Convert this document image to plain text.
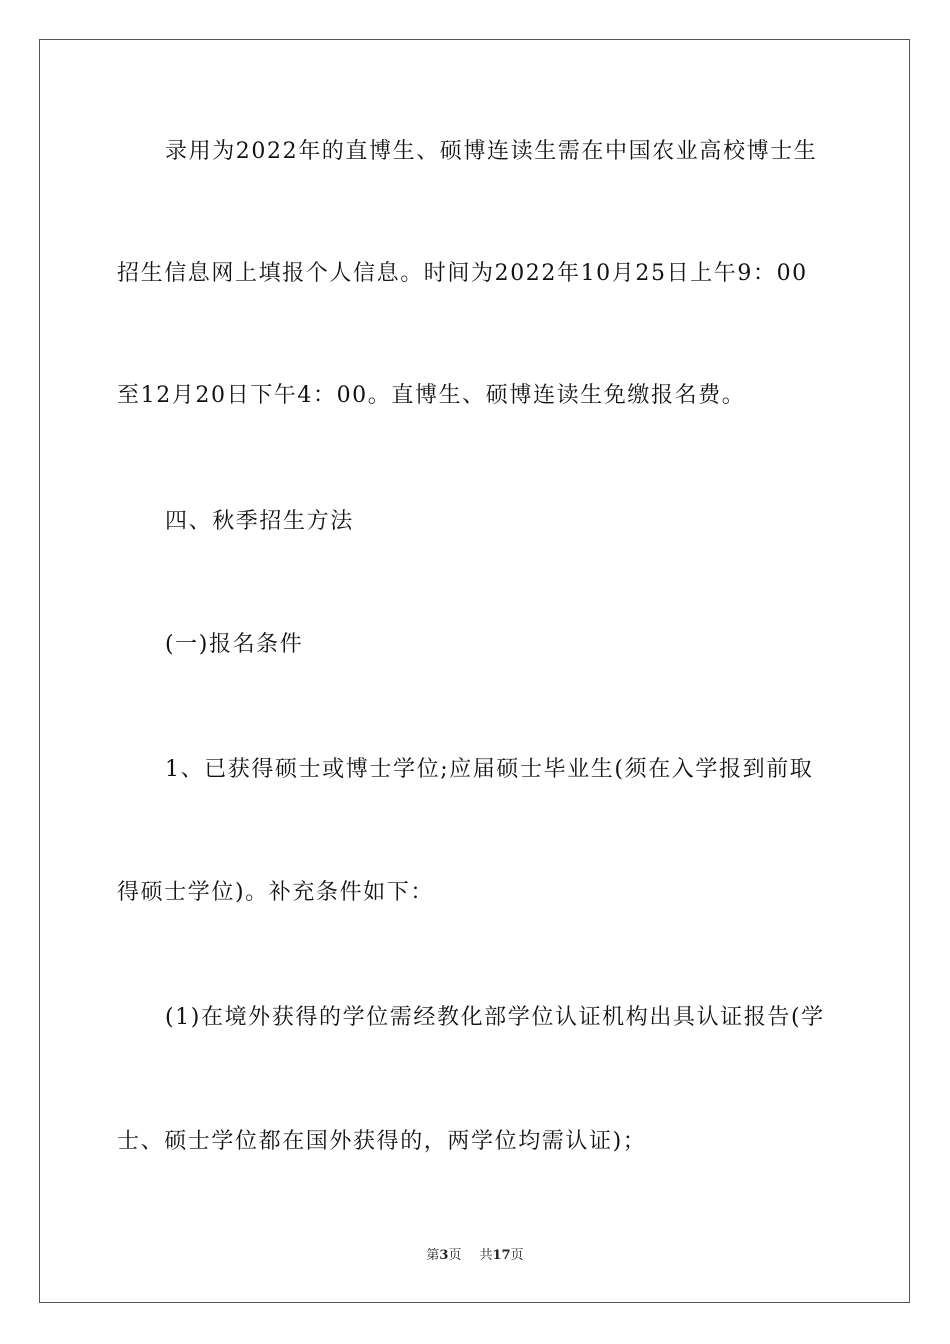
录用为2022年的直博生、硕博连读生需在中国农业高校博士生
招生信息网上填报个人信息。时间为2022年10月25日上午9：00
至12月20日下午4：00。直博生、硕博连读生免缴报名费。
四、秋季招生方法
(一)报名条件
1、已获得硕士或博士学位;应届硕士毕业生(须在入学报到前取
得硕士学位)。补充条件如下：
(1)在境外获得的学位需经教化部学位认证机构出具认证报告(学
士、硕士学位都在国外获得的，两学位均需认证)；
第3页 共17页
